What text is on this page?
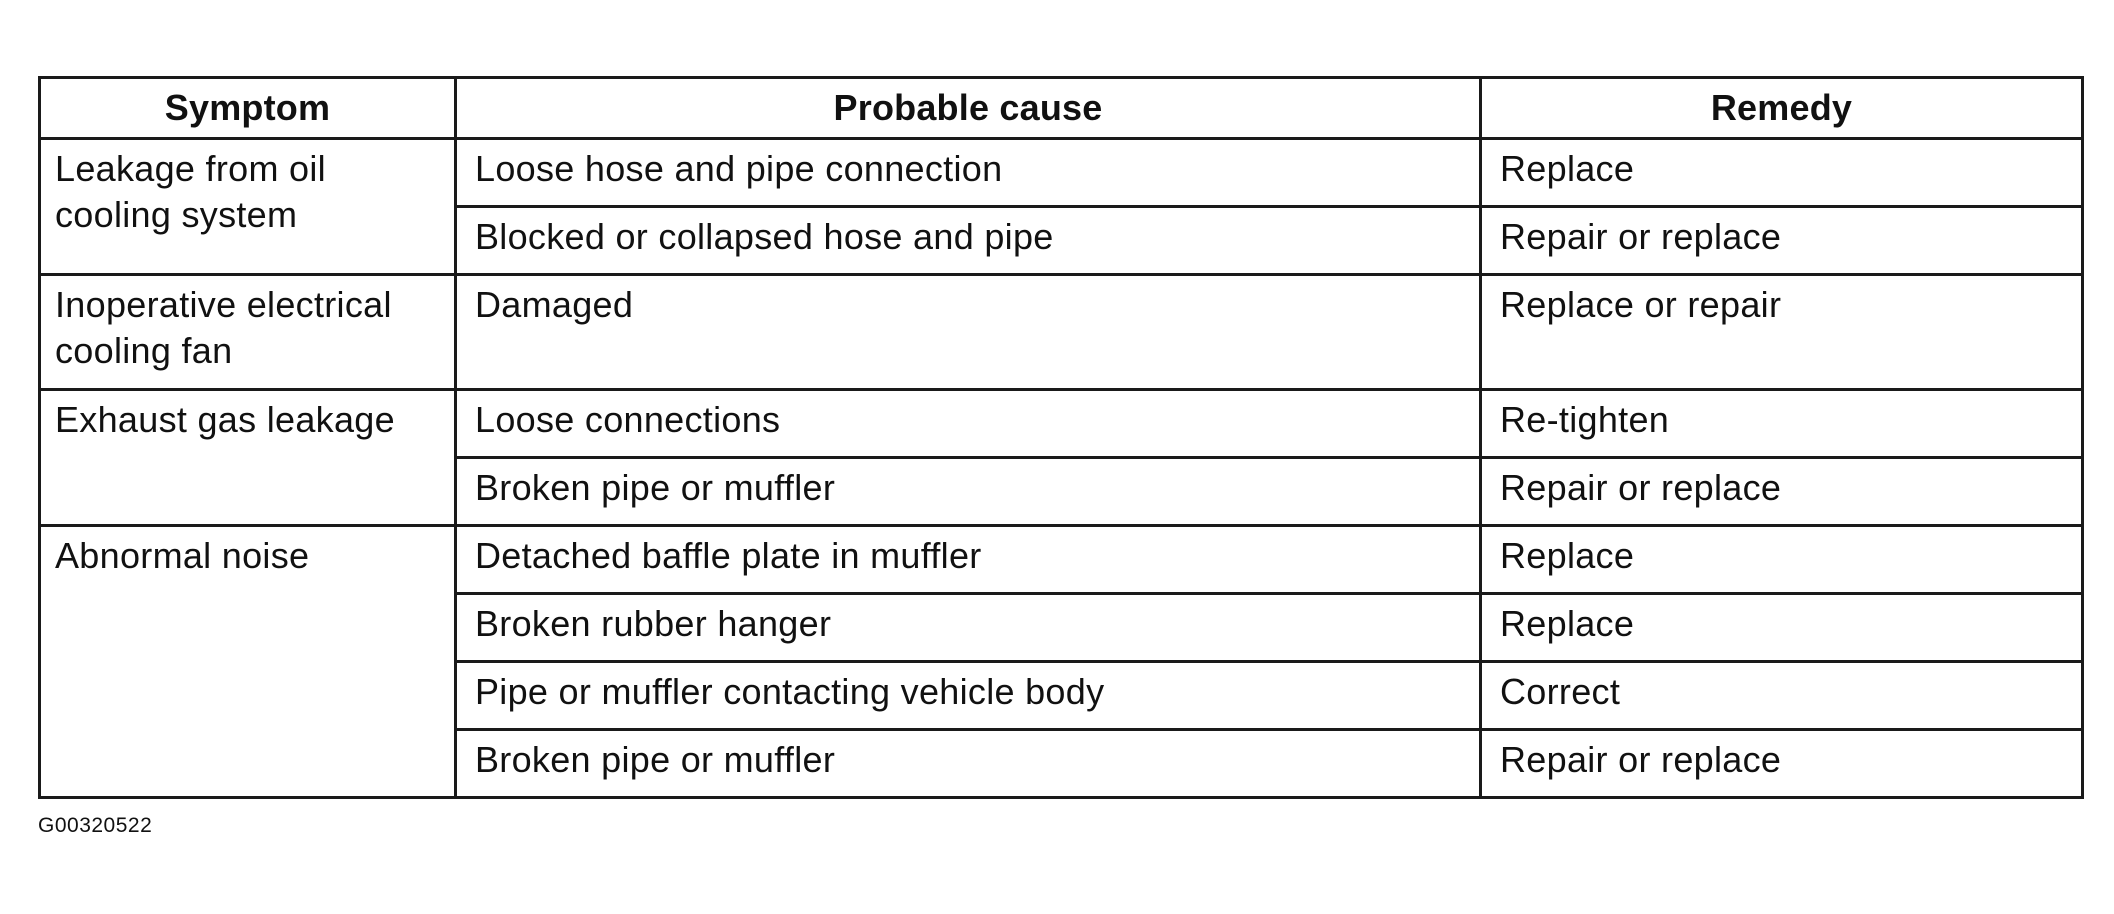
Symptom	Probable cause	Remedy
Leakage from oil cooling system	Loose hose and pipe connection	Replace
	Blocked or collapsed hose and pipe	Repair or replace
Inoperative electrical cooling fan	Damaged	Replace or repair
Exhaust gas leakage	Loose connections	Re-tighten
	Broken pipe or muffler	Repair or replace
Abnormal noise	Detached baffle plate in muffler	Replace
	Broken rubber hanger	Replace
	Pipe or muffler contacting vehicle body	Correct
	Broken pipe or muffler	Repair or replace
G00320522
